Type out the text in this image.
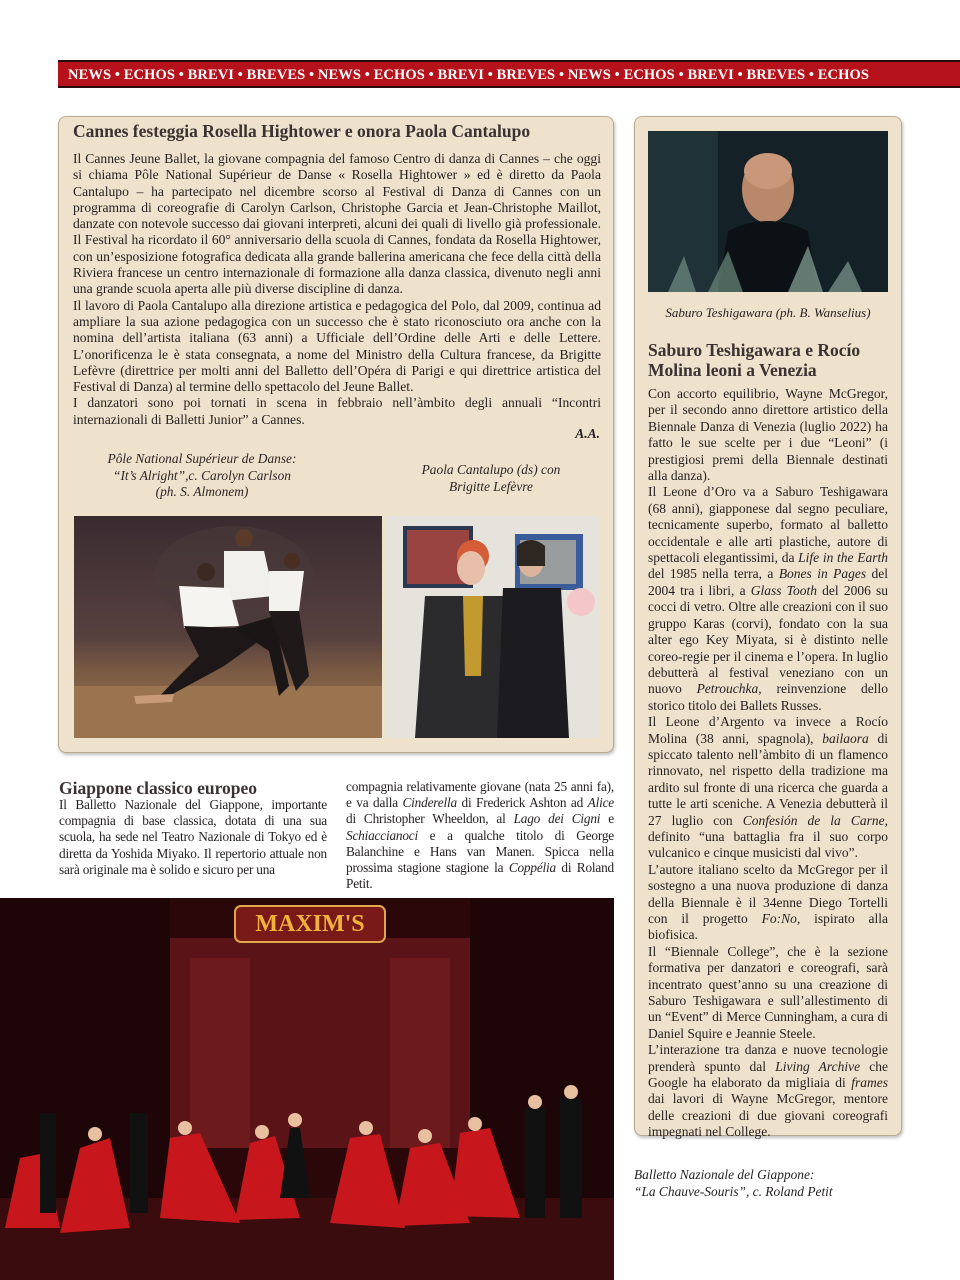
NEWS • ECHOS • BREVI • BREVES • NEWS • ECHOS • BREVI • BREVES • NEWS • ECHOS • BREVI • BREVES • ECHOS
Cannes festeggia Rosella Hightower e onora Paola Cantalupo

Il Cannes Jeune Ballet, la giovane compagnia del famoso Centro di danza di Cannes – che oggi si chiama Pôle National Supérieur de Danse « Rosella Hightower » ed è diretto da Paola Cantalupo – ha partecipato nel dicembre scorso al Festival di Danza di Cannes con un programma di coreografie di Carolyn Carlson, Christophe Garcia et Jean-Christophe Maillot, danzate con notevole successo dai giovani interpreti, alcuni dei quali di livello già professionale. Il Festival ha ricordato il 60° anniversario della scuola di Cannes, fondata da Rosella Hightower, con un’esposizione fotografica dedicata alla grande ballerina americana che fece della città della Riviera francese un centro internazionale di formazione alla danza classica, divenuto negli anni una grande scuola aperta alle più diverse discipline di danza.

Il lavoro di Paola Cantalupo alla direzione artistica e pedagogica del Polo, dal 2009, continua ad ampliare la sua azione pedagogica con un successo che è stato riconosciuto ora anche con la nomina dell’artista italiana (63 anni) a Ufficiale dell’Ordine delle Arti e delle Lettere. L’onorificenza le è stata consegnata, a nome del Ministro della Cultura francese, da Brigitte Lefèvre (direttrice per molti anni del Balletto dell’Opéra di Parigi e qui direttrice artistica del Festival di Danza) al termine dello spettacolo del Jeune Ballet.

I danzatori sono poi tornati in scena in febbraio nell’àmbito degli annuali “Incontri internazionali di Balletti Junior” a Cannes.

A.A.
Pôle National Supérieur de Danse:
“It’s Alright”,c. Carolyn Carlson
(ph. S. Almonem)
Paola Cantalupo (ds) con
Brigitte Lefèvre
Saburo Teshigawara (ph. B. Wanselius)
Saburo Teshigawara e Rocío Molina leoni a Venezia

Con accorto equilibrio, Wayne McGregor, per il secondo anno direttore artistico della Biennale Danza di Venezia (luglio 2022) ha fatto le sue scelte per i due “Leoni” (i prestigiosi premi della Biennale destinati alla danza).

Il Leone d’Oro va a Saburo Teshigawara (68 anni), giapponese dal segno peculiare, tecnicamente superbo, formato al balletto occidentale e alle arti plastiche, autore di spettacoli elegantissimi, da Life in the Earth del 1985 nella terra, a Bones in Pages del 2004 tra i libri, a Glass Tooth del 2006 su cocci di vetro. Oltre alle creazioni con il suo gruppo Karas (corvi), fondato con la sua alter ego Key Miyata, si è distinto nelle coreo-regie per il cinema e l’opera. In luglio debutterà al festival veneziano con un nuovo Petrouchka, reinvenzione dello storico titolo dei Ballets Russes.

Il Leone d’Argento va invece a Rocío Molina (38 anni, spagnola), bailaora di spiccato talento nell’àmbito di un flamenco rinnovato, nel rispetto della tradizione ma ardito sul fronte di una ricerca che guarda a tutte le arti sceniche. A Venezia debutterà il 27 luglio con Confesión de la Carne, definito “una battaglia fra il suo corpo vulcanico e cinque musicisti dal vivo”.

L’autore italiano scelto da McGregor per il sostegno a una nuova produzione di danza della Biennale è il 34enne Diego Tortelli con il progetto Fo:No, ispirato alla biofisica.

Il “Biennale College”, che è la sezione formativa per danzatori e coreografi, sarà incentrato quest’anno su una creazione di Saburo Teshigawara e sull’allestimento di un “Event” di Merce Cunningham, a cura di Daniel Squire e Jeannie Steele.

L’interazione tra danza e nuove tecnologie prenderà spunto dal Living Archive che Google ha elaborato da migliaia di frames dai lavori di Wayne McGregor, mentore delle creazioni di due giovani coreografi impegnati nel College.

Giappone classico europeo
Il Balletto Nazionale del Giappone, importante compagnia di base classica, dotata di una sua scuola, ha sede nel Teatro Nazionale di Tokyo ed è diretta da Yoshida Miyako. Il repertorio attuale non sarà originale ma è solido e sicuro per una
compagnia relativamente giovane (nata 25 anni fa), e va dalla Cinderella di Frederick Ashton ad Alice di Christopher Wheeldon, al Lago dei Cigni e Schiaccianoci e a qualche titolo di George Balanchine e Hans van Manen. Spicca nella prossima stagione stagione la Coppélia di Roland Petit.
MAXIM'S
Balletto Nazionale del Giappone:
“La Chauve-Souris”, c. Roland Petit
